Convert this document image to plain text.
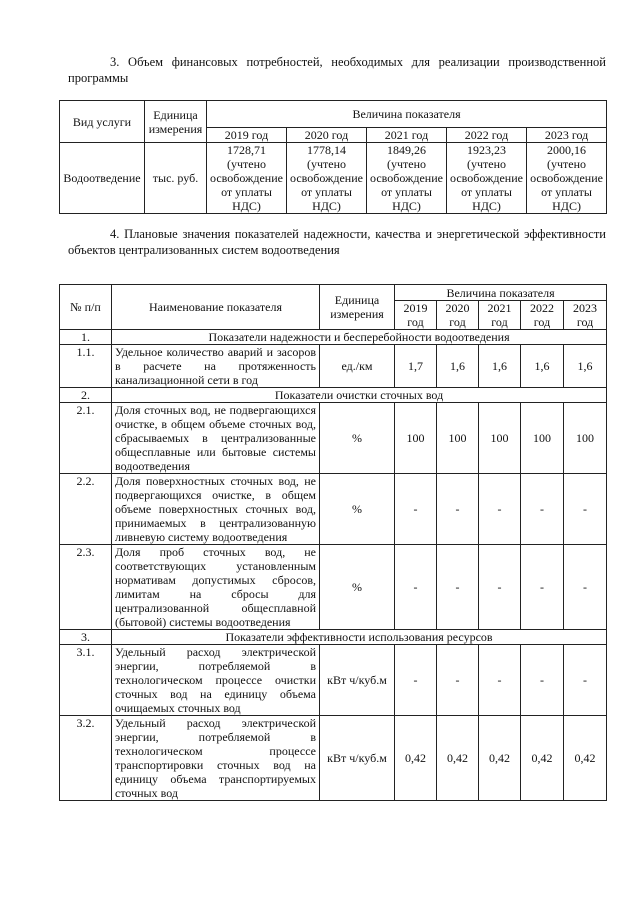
3. Объем финансовых потребностей, необходимых для реализации производственной программы
Вид услуги	Единица измерения	Величина показателя				
		2019 год	2020 год	2021 год	2022 год	2023 год
Водоотведение	тыс. руб.	1728,71 (учтено освобождение от уплаты НДС)	1778,14 (учтено освобождение от уплаты НДС)	1849,26 (учтено освобождение от уплаты НДС)	1923,23 (учтено освобождение от уплаты НДС)	2000,16 (учтено освобождение от уплаты НДС)
4. Плановые значения показателей надежности, качества и энергетической эффективности объектов централизованных систем водоотведения
№ п/п	Наименование показателя	Единица измерения	Величина показателя				
			2019 год	2020 год	2021 год	2022 год	2023 год
1.	Показатели надежности и бесперебойности водоотведения						
1.1.	Удельное количество аварий и засоров в расчете на протяженность канализационной сети в год	ед./км	1,7	1,6	1,6	1,6	1,6
2.	Показатели очистки сточных вод						
2.1.	Доля сточных вод, не подвергающихся очистке, в общем объеме сточных вод, сбрасываемых в централизованные общесплавные или бытовые системы водоотведения	%	100	100	100	100	100
2.2.	Доля поверхностных сточных вод, не подвергающихся очистке, в общем объеме поверхностных сточных вод, принимаемых в централизованную ливневую систему водоотведения	%	-	-	-	-	-
2.3.	Доля проб сточных вод, не соответствующих установленным нормативам допустимых сбросов, лимитам на сбросы для централизованной общесплавной (бытовой) системы водоотведения	%	-	-	-	-	-
3.	Показатели эффективности использования ресурсов						
3.1.	Удельный расход электрической энергии, потребляемой в технологическом процессе очистки сточных вод на единицу объема очищаемых сточных вод	кВт ч/куб.м	-	-	-	-	-
3.2.	Удельный расход электрической энергии, потребляемой в технологическом процессе транспортировки сточных вод на единицу объема транспортируемых сточных вод	кВт ч/куб.м	0,42	0,42	0,42	0,42	0,42
